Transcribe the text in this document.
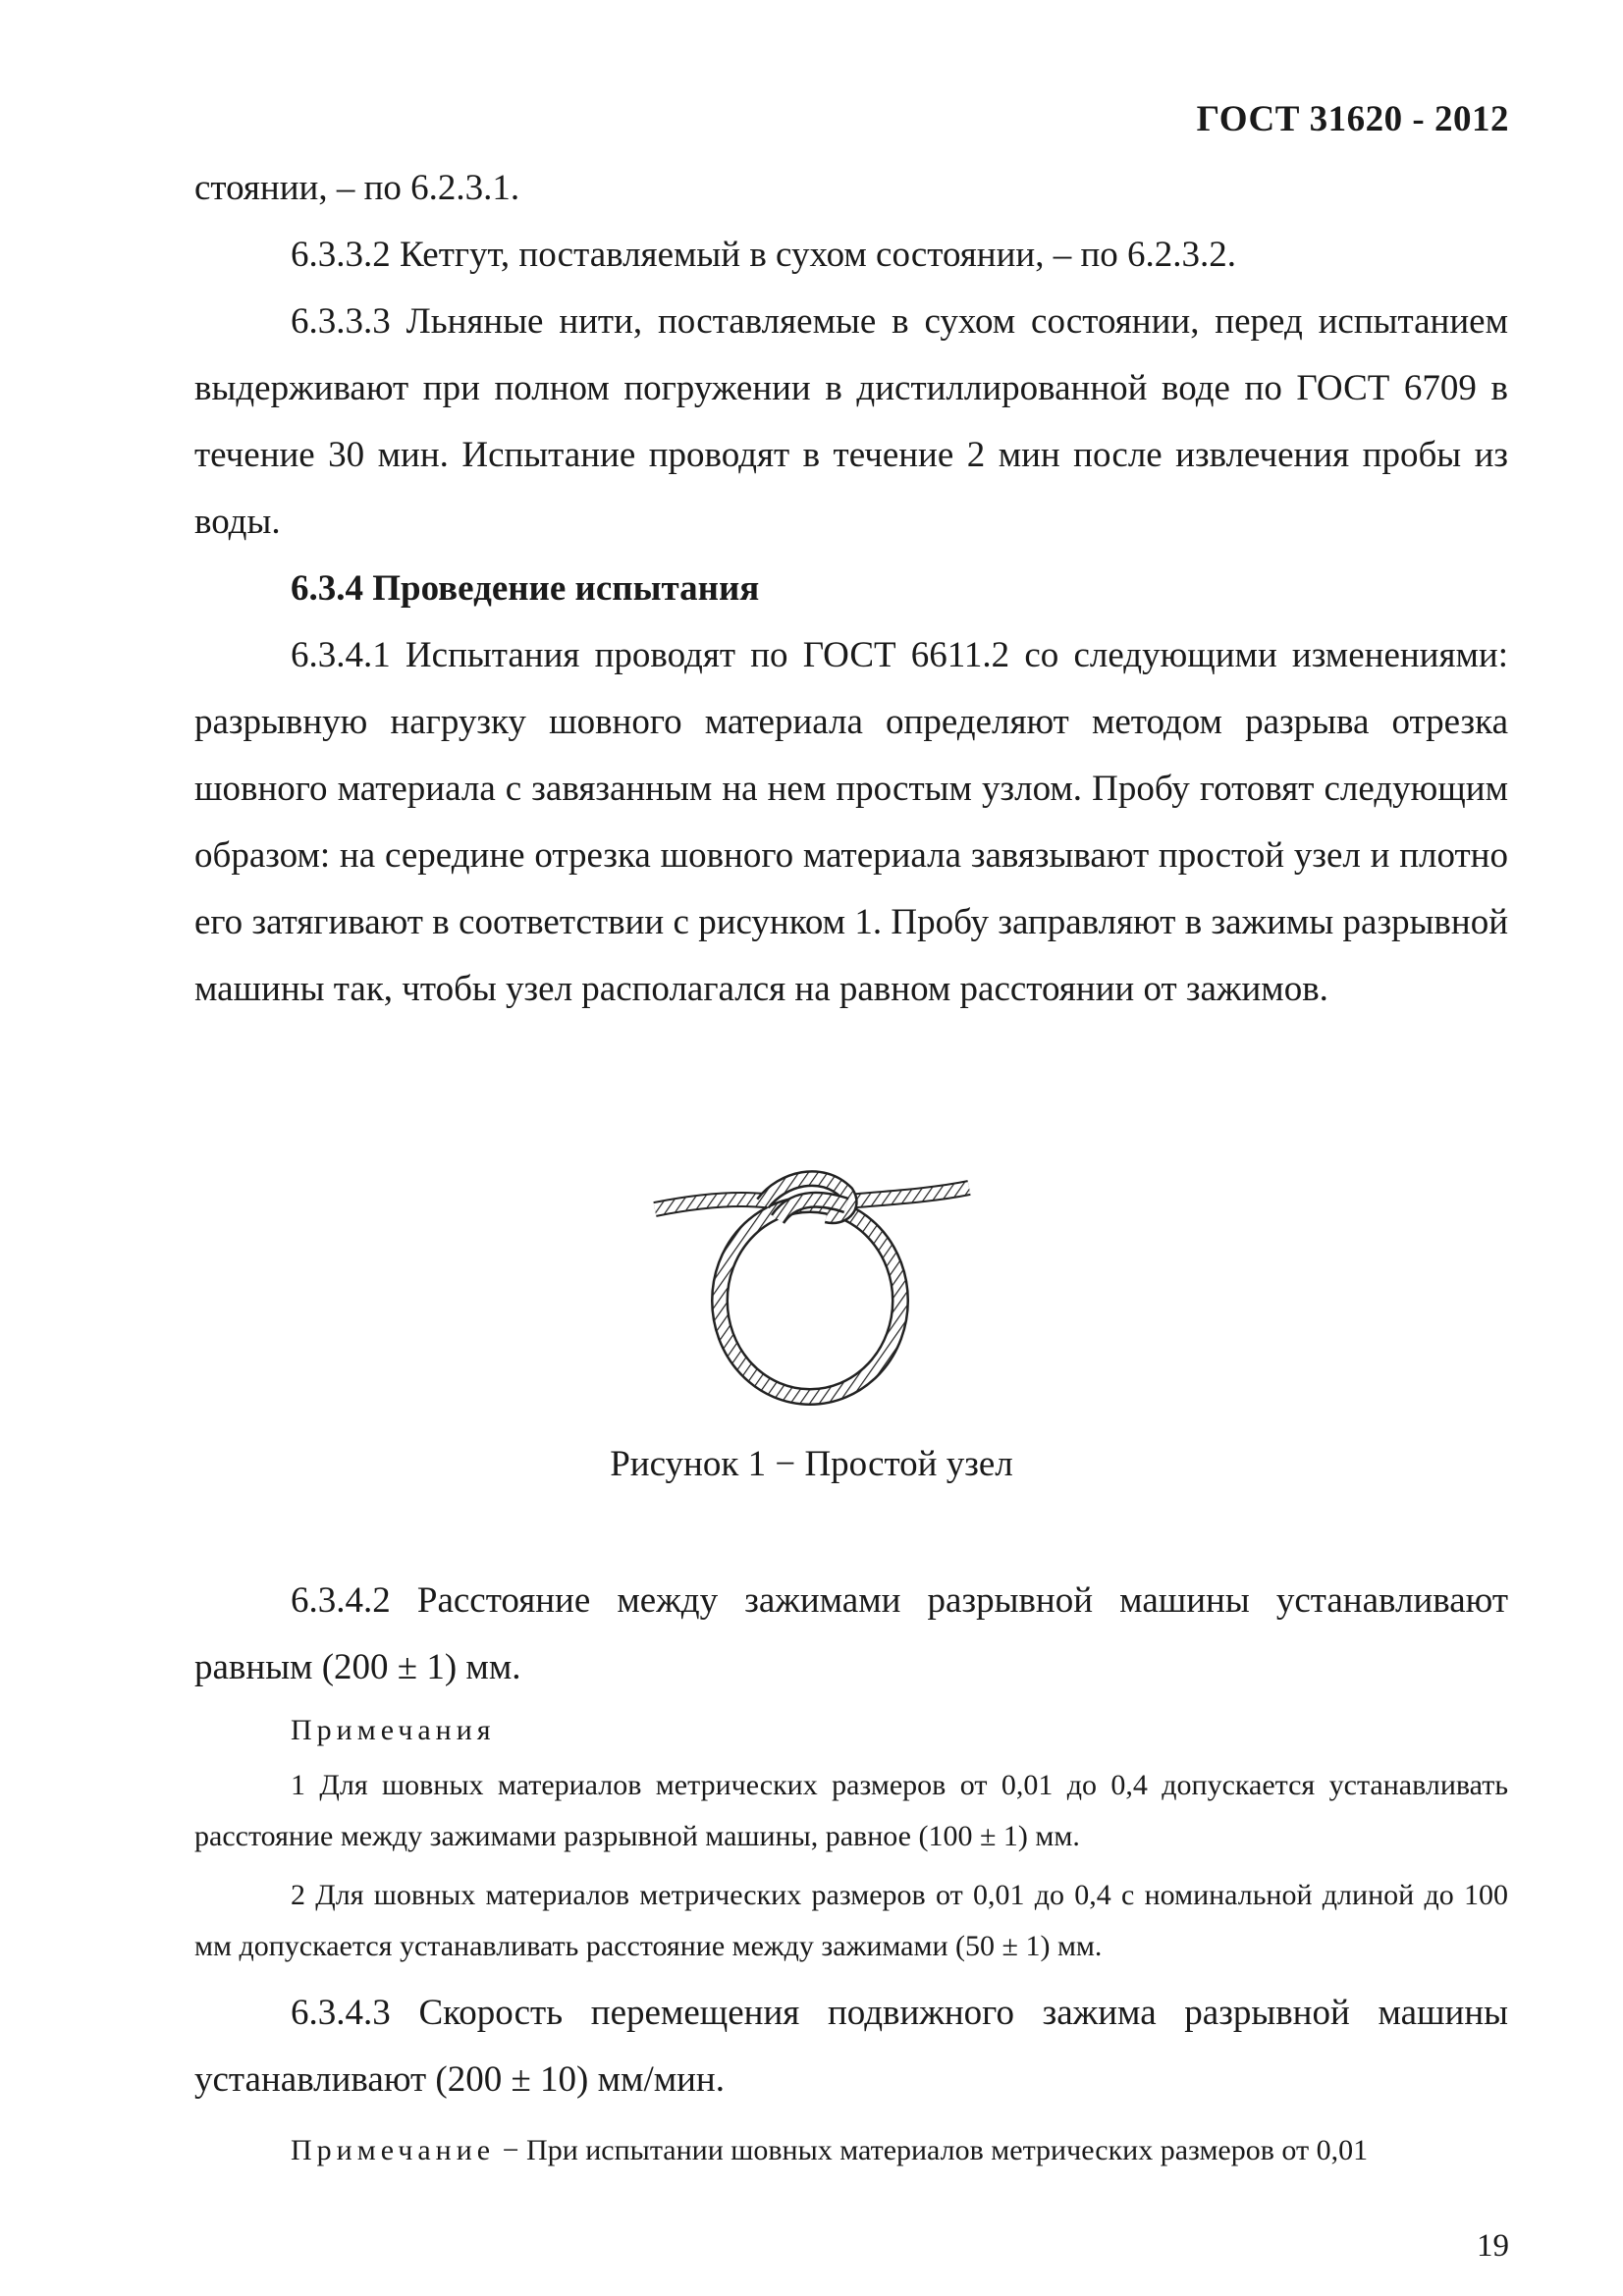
ГОСТ 31620 - 2012

стоянии, – по 6.2.3.1.

6.3.3.2 Кетгут, поставляемый в сухом состоянии, – по 6.2.3.2.

6.3.3.3 Льняные нити, поставляемые в сухом состоянии, перед испытанием выдерживают при полном погружении в дистиллированной воде по ГОСТ 6709 в течение 30 мин. Испытание проводят в течение 2 мин после извлечения пробы из воды.

6.3.4 Проведение испытания

6.3.4.1 Испытания проводят по ГОСТ 6611.2 со следующими изменениями: разрывную нагрузку шовного материала определяют методом разрыва отрезка шовного материала с завязанным на нем простым узлом. Пробу готовят следующим образом: на середине отрезка шовного материала завязывают простой узел и плотно его затягивают в соответствии с рисунком 1. Пробу заправляют в зажимы разрывной машины так, чтобы узел располагался на равном расстоянии от зажимов.

Рисунок 1 − Простой узел

6.3.4.2 Расстояние между зажимами разрывной машины устанавливают равным (200 ± 1) мм.

Примечания

1 Для шовных материалов метрических размеров от 0,01 до 0,4 допускается устанавливать расстояние между зажимами разрывной машины, равное (100 ± 1) мм.

2 Для шовных материалов метрических размеров от 0,01 до 0,4 с номинальной длиной до 100 мм допускается устанавливать расстояние между зажимами (50 ± 1) мм.

6.3.4.3 Скорость перемещения подвижного зажима разрывной машины устанавливают (200 ± 10) мм/мин.

Примечание − При испытании шовных материалов метрических размеров от 0,01

19
